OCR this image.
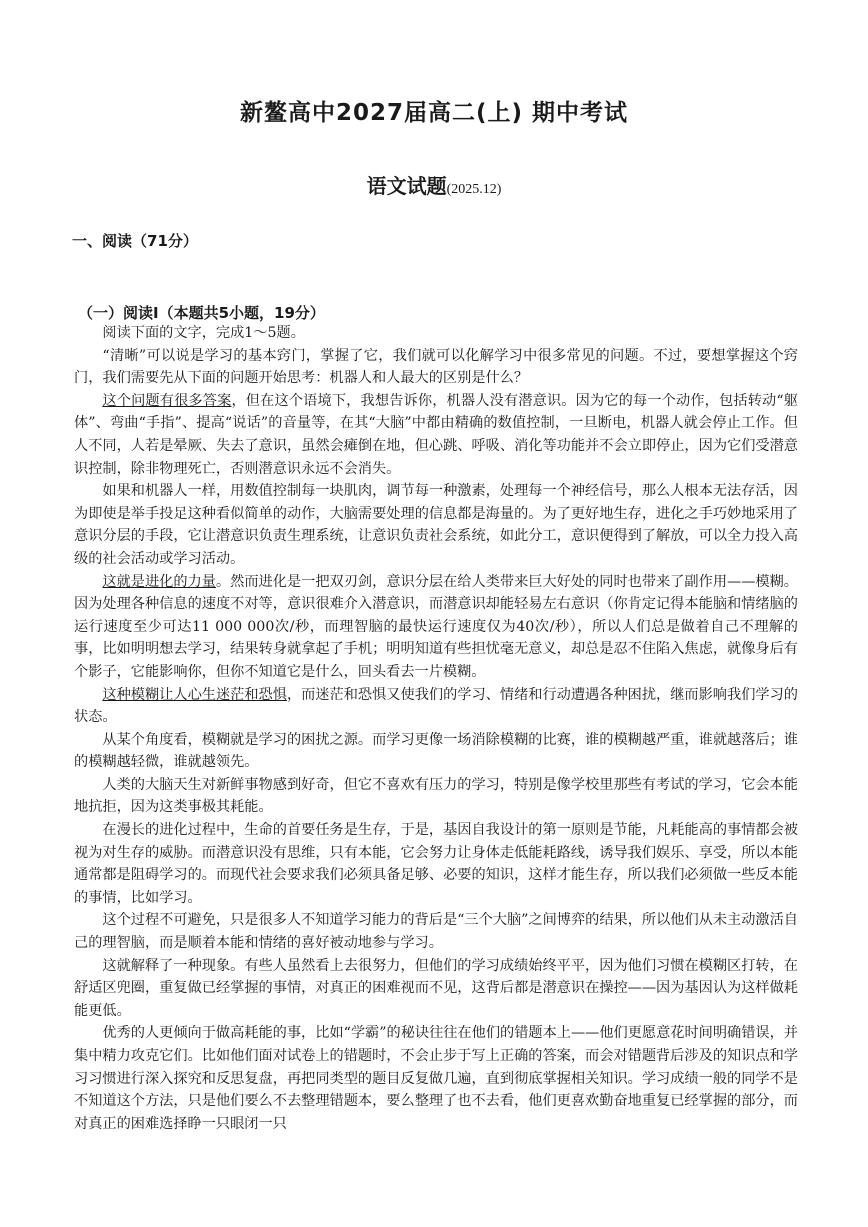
新鳌高中2027届高二(上) 期中考试
语文试题(2025.12)
一、阅读（71分）
（一）阅读Ⅰ（本题共5小题，19分）

阅读下面的文字，完成1～5题。

“清晰”可以说是学习的基本窍门，掌握了它，我们就可以化解学习中很多常见的问题。不过，要想掌握这个窍门，我们需要先从下面的问题开始思考：机器人和人最大的区别是什么？

这个问题有很多答案，但在这个语境下，我想告诉你，机器人没有潜意识。因为它的每一个动作，包括转动“躯体”、弯曲“手指”、提高“说话”的音量等，在其“大脑”中都由精确的数值控制，一旦断电，机器人就会停止工作。但人不同，人若是晕厥、失去了意识，虽然会瘫倒在地，但心跳、呼吸、消化等功能并不会立即停止，因为它们受潜意识控制，除非物理死亡，否则潜意识永远不会消失。

如果和机器人一样，用数值控制每一块肌肉，调节每一种激素，处理每一个神经信号，那么人根本无法存活，因为即使是举手投足这种看似简单的动作，大脑需要处理的信息都是海量的。为了更好地生存，进化之手巧妙地采用了意识分层的手段，它让潜意识负责生理系统，让意识负责社会系统，如此分工，意识便得到了解放，可以全力投入高级的社会活动或学习活动。

这就是进化的力量。然而进化是一把双刃剑，意识分层在给人类带来巨大好处的同时也带来了副作用——模糊。因为处理各种信息的速度不对等，意识很难介入潜意识，而潜意识却能轻易左右意识（你肯定记得本能脑和情绪脑的运行速度至少可达11 000 000次/秒，而理智脑的最快运行速度仅为40次/秒），所以人们总是做着自己不理解的事，比如明明想去学习，结果转身就拿起了手机；明明知道有些担忧毫无意义，却总是忍不住陷入焦虑，就像身后有个影子，它能影响你，但你不知道它是什么，回头看去一片模糊。

这种模糊让人心生迷茫和恐惧，而迷茫和恐惧又使我们的学习、情绪和行动遭遇各种困扰，继而影响我们学习的状态。

从某个角度看，模糊就是学习的困扰之源。而学习更像一场消除模糊的比赛，谁的模糊越严重，谁就越落后；谁的模糊越轻微，谁就越领先。

人类的大脑天生对新鲜事物感到好奇，但它不喜欢有压力的学习，特别是像学校里那些有考试的学习，它会本能地抗拒，因为这类事极其耗能。

在漫长的进化过程中，生命的首要任务是生存，于是，基因自我设计的第一原则是节能，凡耗能高的事情都会被视为对生存的威胁。而潜意识没有思维，只有本能，它会努力让身体走低能耗路线，诱导我们娱乐、享受，所以本能通常都是阻碍学习的。而现代社会要求我们必须具备足够、必要的知识，这样才能生存，所以我们必须做一些反本能的事情，比如学习。

这个过程不可避免，只是很多人不知道学习能力的背后是“三个大脑”之间博弈的结果，所以他们从未主动激活自己的理智脑，而是顺着本能和情绪的喜好被动地参与学习。

这就解释了一种现象。有些人虽然看上去很努力，但他们的学习成绩始终平平，因为他们习惯在模糊区打转，在舒适区兜圈，重复做已经掌握的事情，对真正的困难视而不见，这背后都是潜意识在操控——因为基因认为这样做耗能更低。

优秀的人更倾向于做高耗能的事，比如“学霸”的秘诀往往在他们的错题本上——他们更愿意花时间明确错误，并集中精力攻克它们。比如他们面对试卷上的错题时，不会止步于写上正确的答案，而会对错题背后涉及的知识点和学习习惯进行深入探究和反思复盘，再把同类型的题目反复做几遍，直到彻底掌握相关知识。学习成绩一般的同学不是不知道这个方法，只是他们要么不去整理错题本，要么整理了也不去看，他们更喜欢勤奋地重复已经掌握的部分，而对真正的困难选择睁一只眼闭一只
